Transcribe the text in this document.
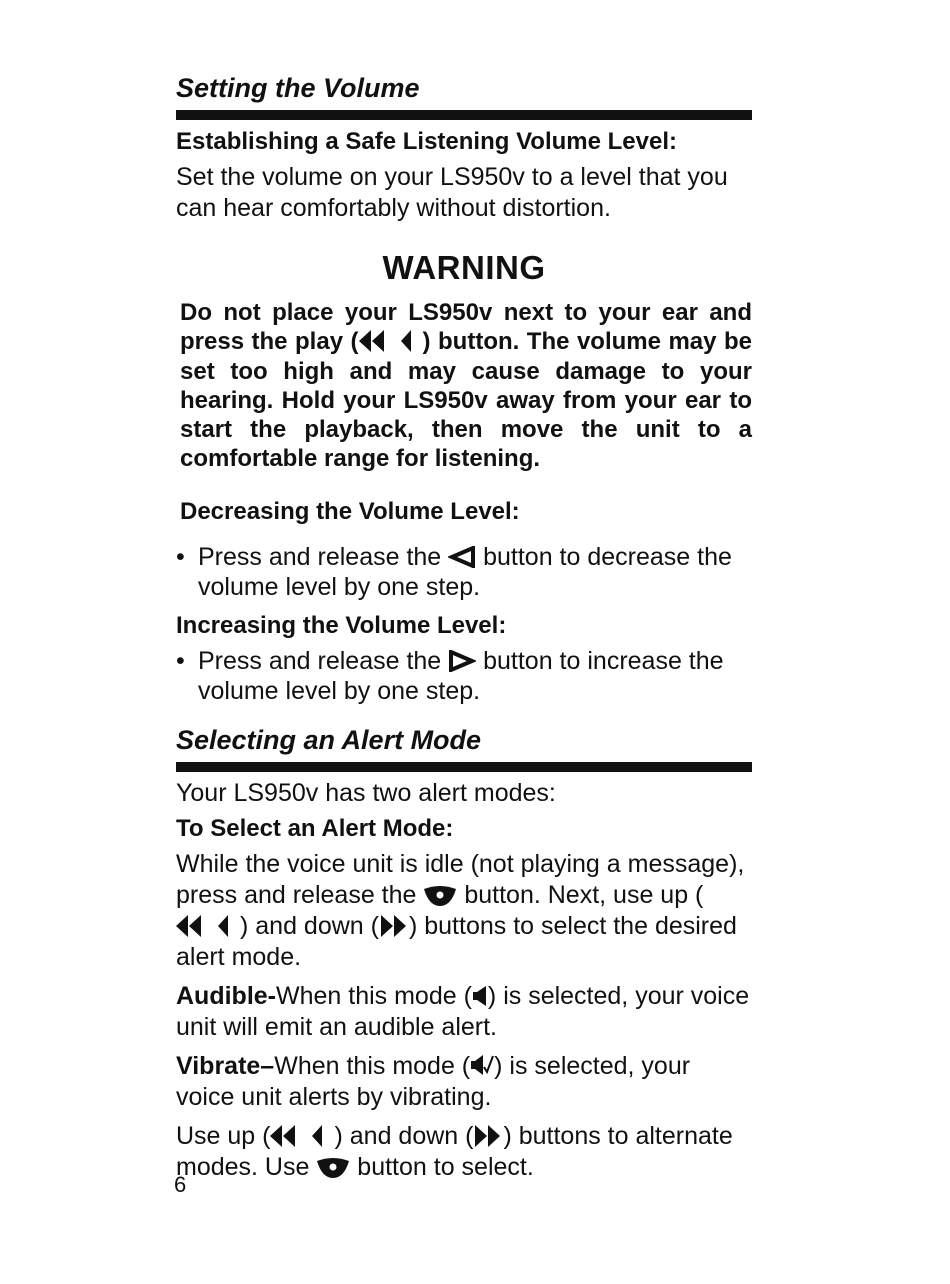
Setting the Volume
Establishing a Safe Listening Volume Level:

Set the volume on your LS950v to a level that you can hear comfortably without distortion.

WARNING

Do not place your LS950v next to your ear and press the play (	) button. The volume may be set too high and may cause damage to your hearing. Hold your LS950v away from your ear to start the playback, then move the unit to a comfortable range for listening.

Decreasing the Volume Level:
• Press and release the button to decrease the volume level by one step.
Increasing the Volume Level:
• Press and release the button to increase the volume level by one step.
Selecting an Alert Mode

Your LS950v has two alert modes:

To Select an Alert Mode:

While the voice unit is idle (not playing a message), press and release the button. Next, use up (
) and down ( ) buttons to select the desired alert mode.

Audible-When this mode ( ) is selected, your voice unit will emit an audible alert.

Vibrate–When this mode ( ) is selected, your voice unit alerts by vibrating.

Use up (	) and down ( ) buttons to alternate modes. Use button to select.

6
